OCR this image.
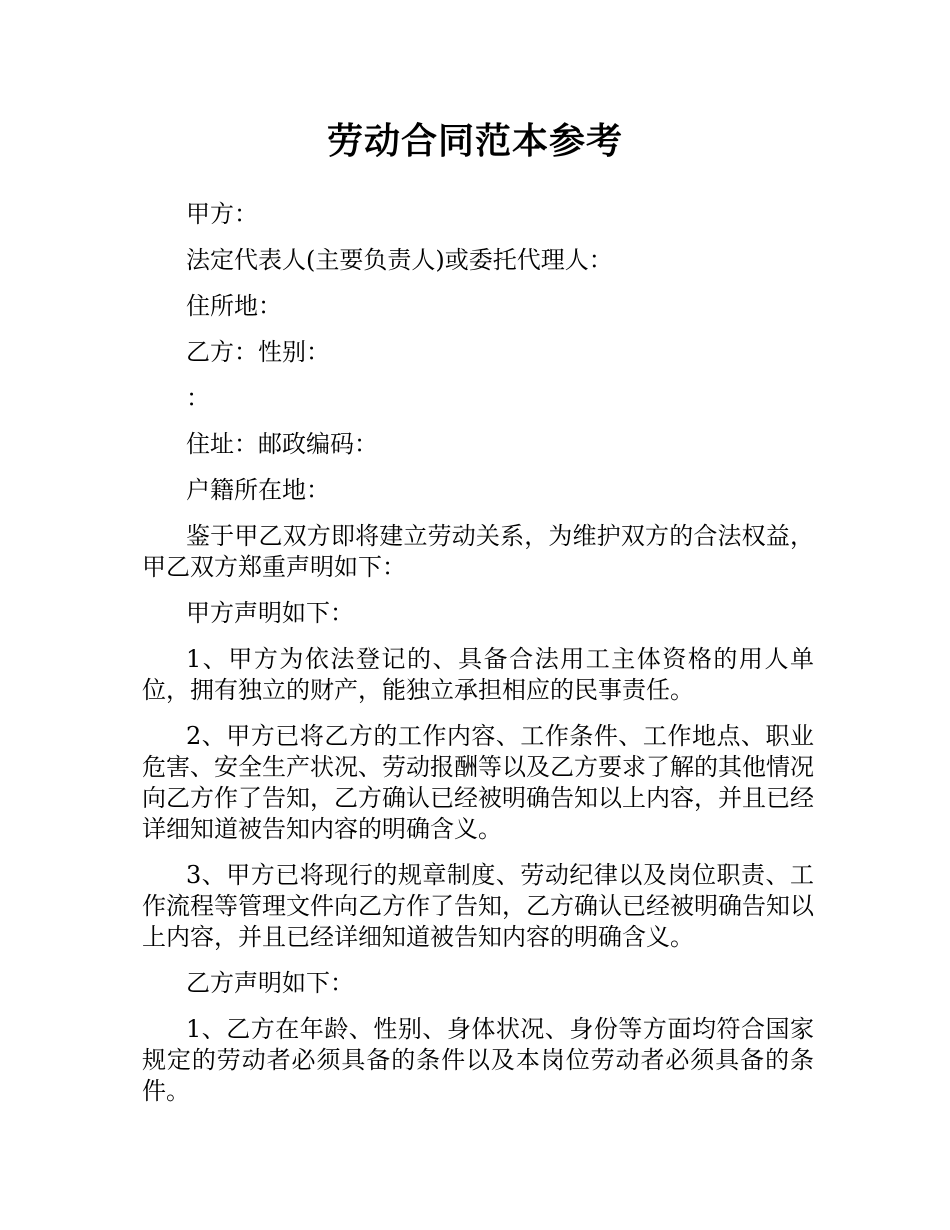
劳动合同范本参考

甲方：

法定代表人(主要负责人)或委托代理人：

住所地：

乙方：性别：

：

住址：邮政编码：

户籍所在地：

鉴于甲乙双方即将建立劳动关系，为维护双方的合法权益，甲乙双方郑重声明如下：

甲方声明如下：

1、甲方为依法登记的、具备合法用工主体资格的用人单位，拥有独立的财产，能独立承担相应的民事责任。

2、甲方已将乙方的工作内容、工作条件、工作地点、职业危害、安全生产状况、劳动报酬等以及乙方要求了解的其他情况向乙方作了告知，乙方确认已经被明确告知以上内容，并且已经详细知道被告知内容的明确含义。

3、甲方已将现行的规章制度、劳动纪律以及岗位职责、工作流程等管理文件向乙方作了告知，乙方确认已经被明确告知以上内容，并且已经详细知道被告知内容的明确含义。

乙方声明如下：

1、乙方在年龄、性别、身体状况、身份等方面均符合国家规定的劳动者必须具备的条件以及本岗位劳动者必须具备的条件。
